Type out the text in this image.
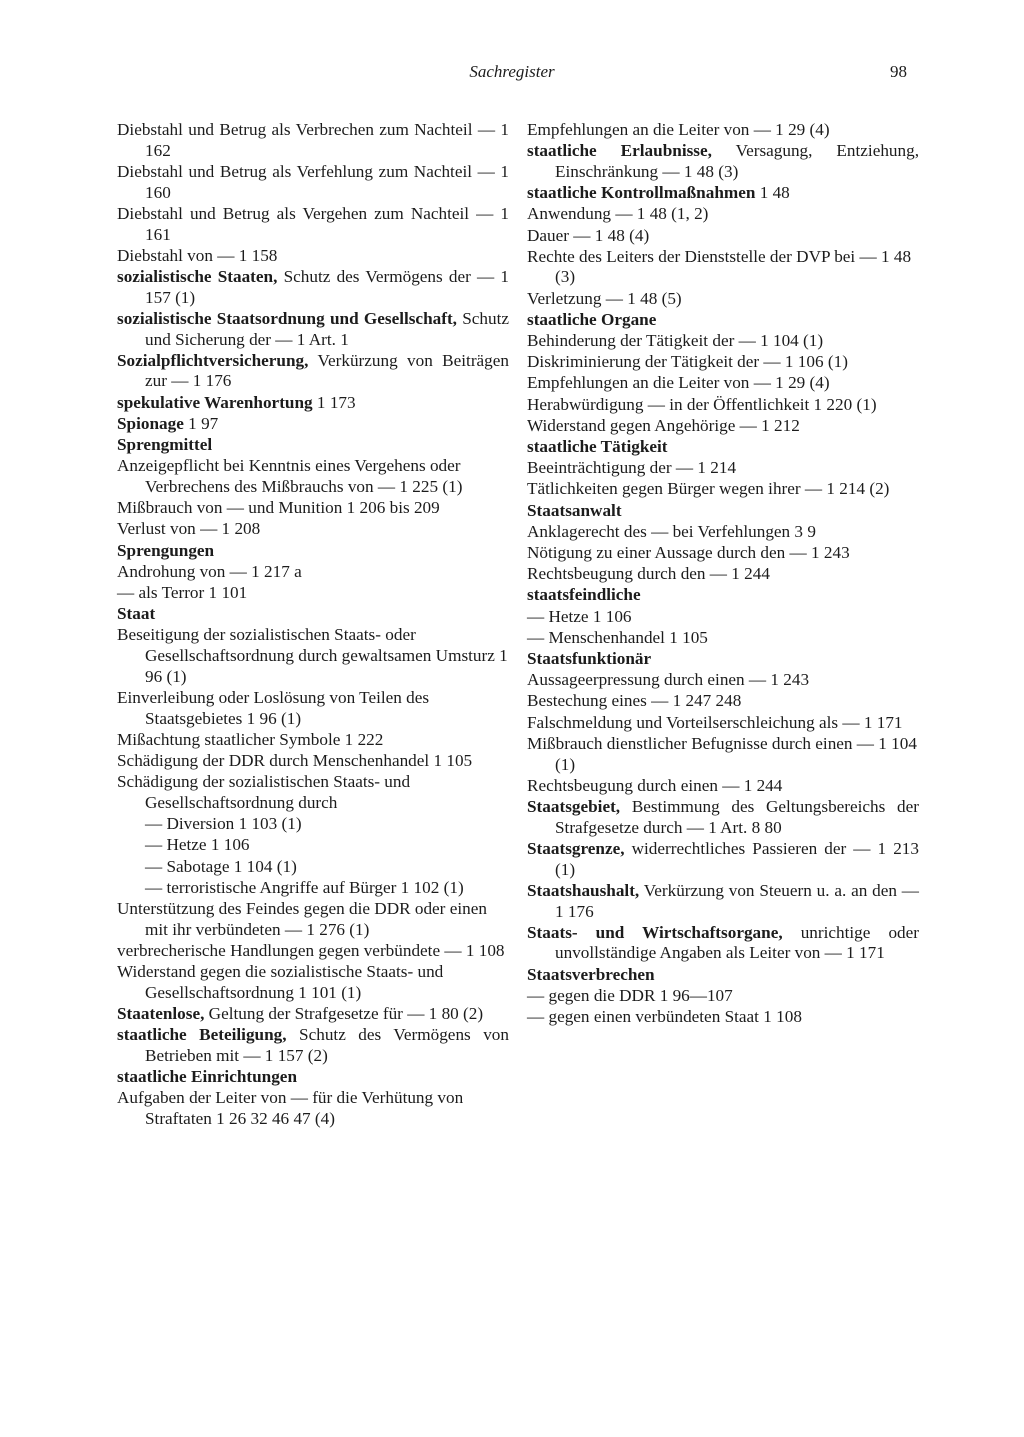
Sachregister	98
Diebstahl und Betrug als Verbrechen zum Nachteil — 1 162
Diebstahl und Betrug als Verfehlung zum Nachteil — 1 160
Diebstahl und Betrug als Vergehen zum Nachteil — 1 161
Diebstahl von — 1 158
sozialistische Staaten, Schutz des Vermögens der — 1 157 (1)
sozialistische Staatsordnung und Gesellschaft, Schutz und Sicherung der — 1 Art. 1
Sozialpflichtversicherung, Verkürzung von Beiträgen zur — 1 176
spekulative Warenhortung 1 173
Spionage 1 97
Sprengmittel
Anzeigepflicht bei Kenntnis eines Vergehens oder Verbrechens des Mißbrauchs von — 1 225 (1)
Mißbrauch von — und Munition 1 206 bis 209
Verlust von — 1 208
Sprengungen
Androhung von — 1 217 a
— als Terror 1 101
Staat
Beseitigung der sozialistischen Staats- oder Gesellschaftsordnung durch gewaltsamen Umsturz 1 96 (1)
Einverleibung oder Loslösung von Teilen des Staatsgebietes 1 96 (1)
Mißachtung staatlicher Symbole 1 222
Schädigung der DDR durch Menschenhandel 1 105
Schädigung der sozialistischen Staats- und Gesellschaftsordnung durch
— Diversion 1 103 (1)
— Hetze 1 106
— Sabotage 1 104 (1)
— terroristische Angriffe auf Bürger 1 102 (1)
Unterstützung des Feindes gegen die DDR oder einen mit ihr verbündeten — 1 276 (1)
verbrecherische Handlungen gegen verbündete — 1 108
Widerstand gegen die sozialistische Staats- und Gesellschaftsordnung 1 101 (1)
Staatenlose, Geltung der Strafgesetze für — 1 80 (2)
staatliche Beteiligung, Schutz des Vermögens von Betrieben mit — 1 157 (2)
staatliche Einrichtungen
Aufgaben der Leiter von — für die Verhütung von Straftaten 1 26 32 46 47 (4)
Empfehlungen an die Leiter von — 1 29 (4)
staatliche Erlaubnisse, Versagung, Entziehung, Einschränkung — 1 48 (3)
staatliche Kontrollmaßnahmen 1 48
Anwendung — 1 48 (1, 2)
Dauer — 1 48 (4)
Rechte des Leiters der Dienststelle der DVP bei — 1 48 (3)
Verletzung — 1 48 (5)
staatliche Organe
Behinderung der Tätigkeit der — 1 104 (1)
Diskriminierung der Tätigkeit der — 1 106 (1)
Empfehlungen an die Leiter von — 1 29 (4)
Herabwürdigung — in der Öffentlichkeit 1 220 (1)
Widerstand gegen Angehörige — 1 212
staatliche Tätigkeit
Beeinträchtigung der — 1 214
Tätlichkeiten gegen Bürger wegen ihrer — 1 214 (2)
Staatsanwalt
Anklagerecht des — bei Verfehlungen 3 9
Nötigung zu einer Aussage durch den — 1 243
Rechtsbeugung durch den — 1 244
staatsfeindliche
— Hetze 1 106
— Menschenhandel 1 105
Staatsfunktionär
Aussageerpressung durch einen — 1 243
Bestechung eines — 1 247 248
Falschmeldung und Vorteilserschleichung als — 1 171
Mißbrauch dienstlicher Befugnisse durch einen — 1 104 (1)
Rechtsbeugung durch einen — 1 244
Staatsgebiet, Bestimmung des Geltungsbereichs der Strafgesetze durch — 1 Art. 8 80
Staatsgrenze, widerrechtliches Passieren der — 1 213 (1)
Staatshaushalt, Verkürzung von Steuern u. a. an den — 1 176
Staats- und Wirtschaftsorgane, unrichtige oder unvollständige Angaben als Leiter von — 1 171
Staatsverbrechen
— gegen die DDR 1 96—107
— gegen einen verbündeten Staat 1 108
